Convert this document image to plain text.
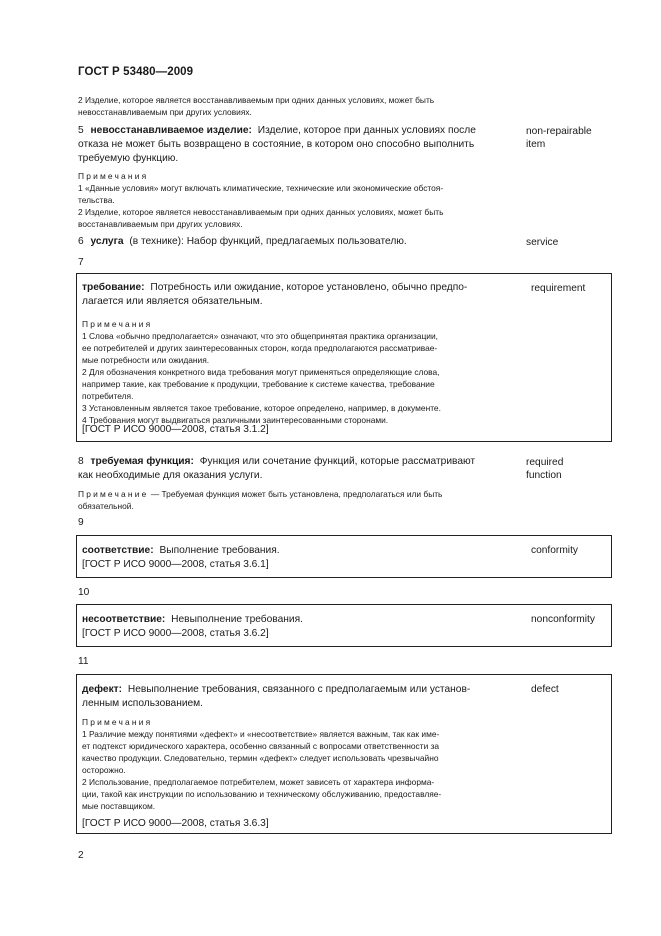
ГОСТ Р 53480—2009
2 Изделие, которое является восстанавливаемым при одних данных условиях, может быть
невосстанавливаемым при других условиях.
5 невосстанавливаемое изделие: Изделие, которое при данных условиях после
отказа не может быть возвращено в состояние, в котором оно способно выполнить
требуемую функцию.
non-repairable
item
Примечания
1 «Данные условия» могут включать климатические, технические или экономические обстоя-
тельства.
2 Изделие, которое является невосстанавливаемым при одних данных условиях, может быть
восстанавливаемым при других условиях.
6 услуга (в технике): Набор функций, предлагаемых пользователю.	service
7
требование: Потребность или ожидание, которое установлено, обычно предпо-
лагается или является обязательным.
requirement
Примечания
1 Слова «обычно предполагается» означают, что это общепринятая практика организации,
ее потребителей и других заинтересованных сторон, когда предполагаются рассматривае-
мые потребности или ожидания.
2 Для обозначения конкретного вида требования могут применяться определяющие слова,
например такие, как требование к продукции, требование к системе качества, требование
потребителя.
3 Установленным является такое требование, которое определено, например, в документе.
4 Требования могут выдвигаться различными заинтересованными сторонами.
[ГОСТ Р ИСО 9000—2008, статья 3.1.2]
8 требуемая функция: Функция или сочетание функций, которые рассматривают
как необходимые для оказания услуги.
required
function
Примечание — Требуемая функция может быть установлена, предполагаться или быть
обязательной.
9
соответствие: Выполнение требования.
[ГОСТ Р ИСО 9000—2008, статья 3.6.1]
conformity
10
несоответствие: Невыполнение требования.
[ГОСТ Р ИСО 9000—2008, статья 3.6.2]
nonconformity
11
дефект: Невыполнение требования, связанного с предполагаемым или установ-
ленным использованием.
defect
Примечания
1 Различие между понятиями «дефект» и «несоответствие» является важным, так как име-
ет подтекст юридического характера, особенно связанный с вопросами ответственности за
качество продукции. Следовательно, термин «дефект» следует использовать чрезвычайно
осторожно.
2 Использование, предполагаемое потребителем, может зависеть от характера информа-
ции, такой как инструкции по использованию и техническому обслуживанию, предоставляе-
мые поставщиком.
[ГОСТ Р ИСО 9000—2008, статья 3.6.3]
2
